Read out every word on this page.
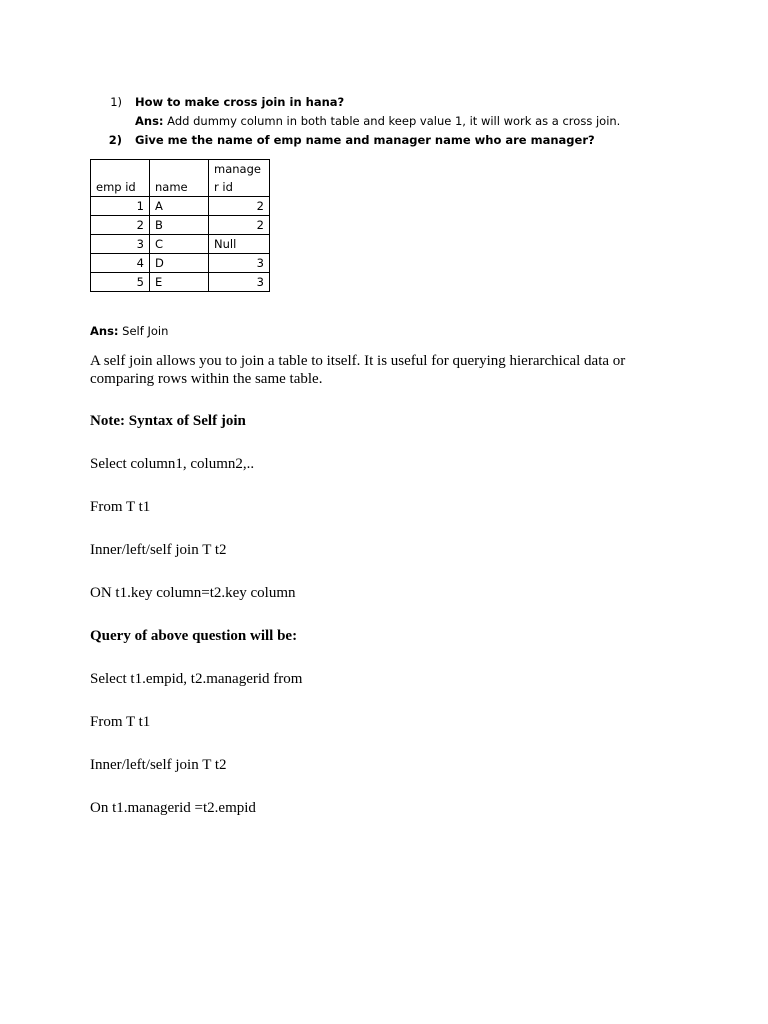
1) How to make cross join in hana?
Ans: Add dummy column in both table and keep value 1, it will work as a cross join.
2) Give me the name of emp name and manager name who are manager?
emp id	name	manage
r id
1	A	2
2	B	2
3	C	Null
4	D	3
5	E	3
Ans: Self Join
A self join allows you to join a table to itself. It is useful for querying hierarchical data or comparing rows within the same table.
Note: Syntax of Self join
Select column1, column2,..
From T t1
Inner/left/self join T t2
ON t1.key column=t2.key column
Query of above question will be:
Select t1.empid, t2.managerid from
From T t1
Inner/left/self join T t2
On t1.managerid =t2.empid
